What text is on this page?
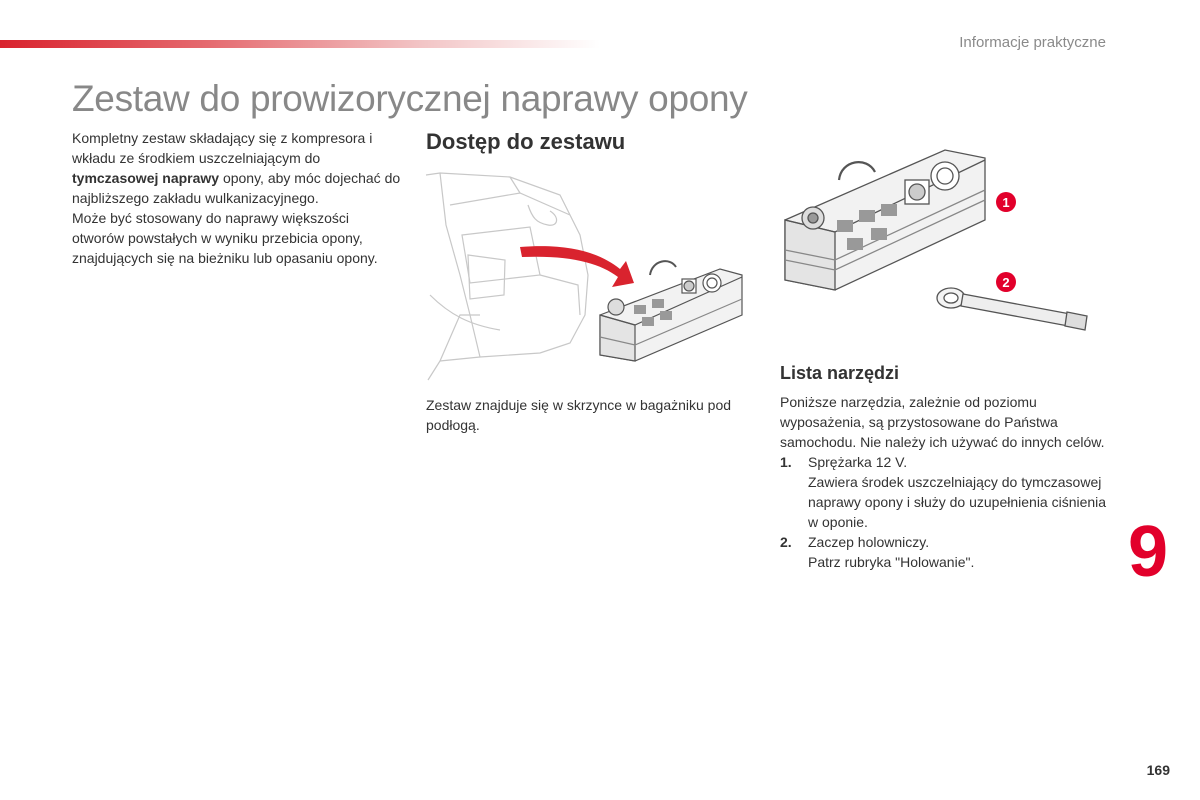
Informacje praktyczne
Zestaw do prowizorycznej naprawy opony

Kompletny zestaw składający się z kompresora i wkładu ze środkiem uszczelniającym do tymczasowej naprawy opony, aby móc dojechać do najbliższego zakładu wulkanizacyjnego.

Może być stosowany do naprawy większości otworów powstałych w wyniku przebicia opony, znajdujących się na bieżniku lub opasaniu opony.

Dostęp do zestawu

Zestaw znajduje się w skrzynce w bagażniku pod podłogą.

1
2
Lista narzędzi

Poniższe narzędzia, zależnie od poziomu wyposażenia, są przystosowane do Państwa samochodu. Nie należy ich używać do innych celów.

1. Sprężarka 12 V.
Zawiera środek uszczelniający do tymczasowej naprawy opony i służy do uzupełnienia ciśnienia w oponie.
2. Zaczep holowniczy.
Patrz rubryka "Holowanie".	9
169
